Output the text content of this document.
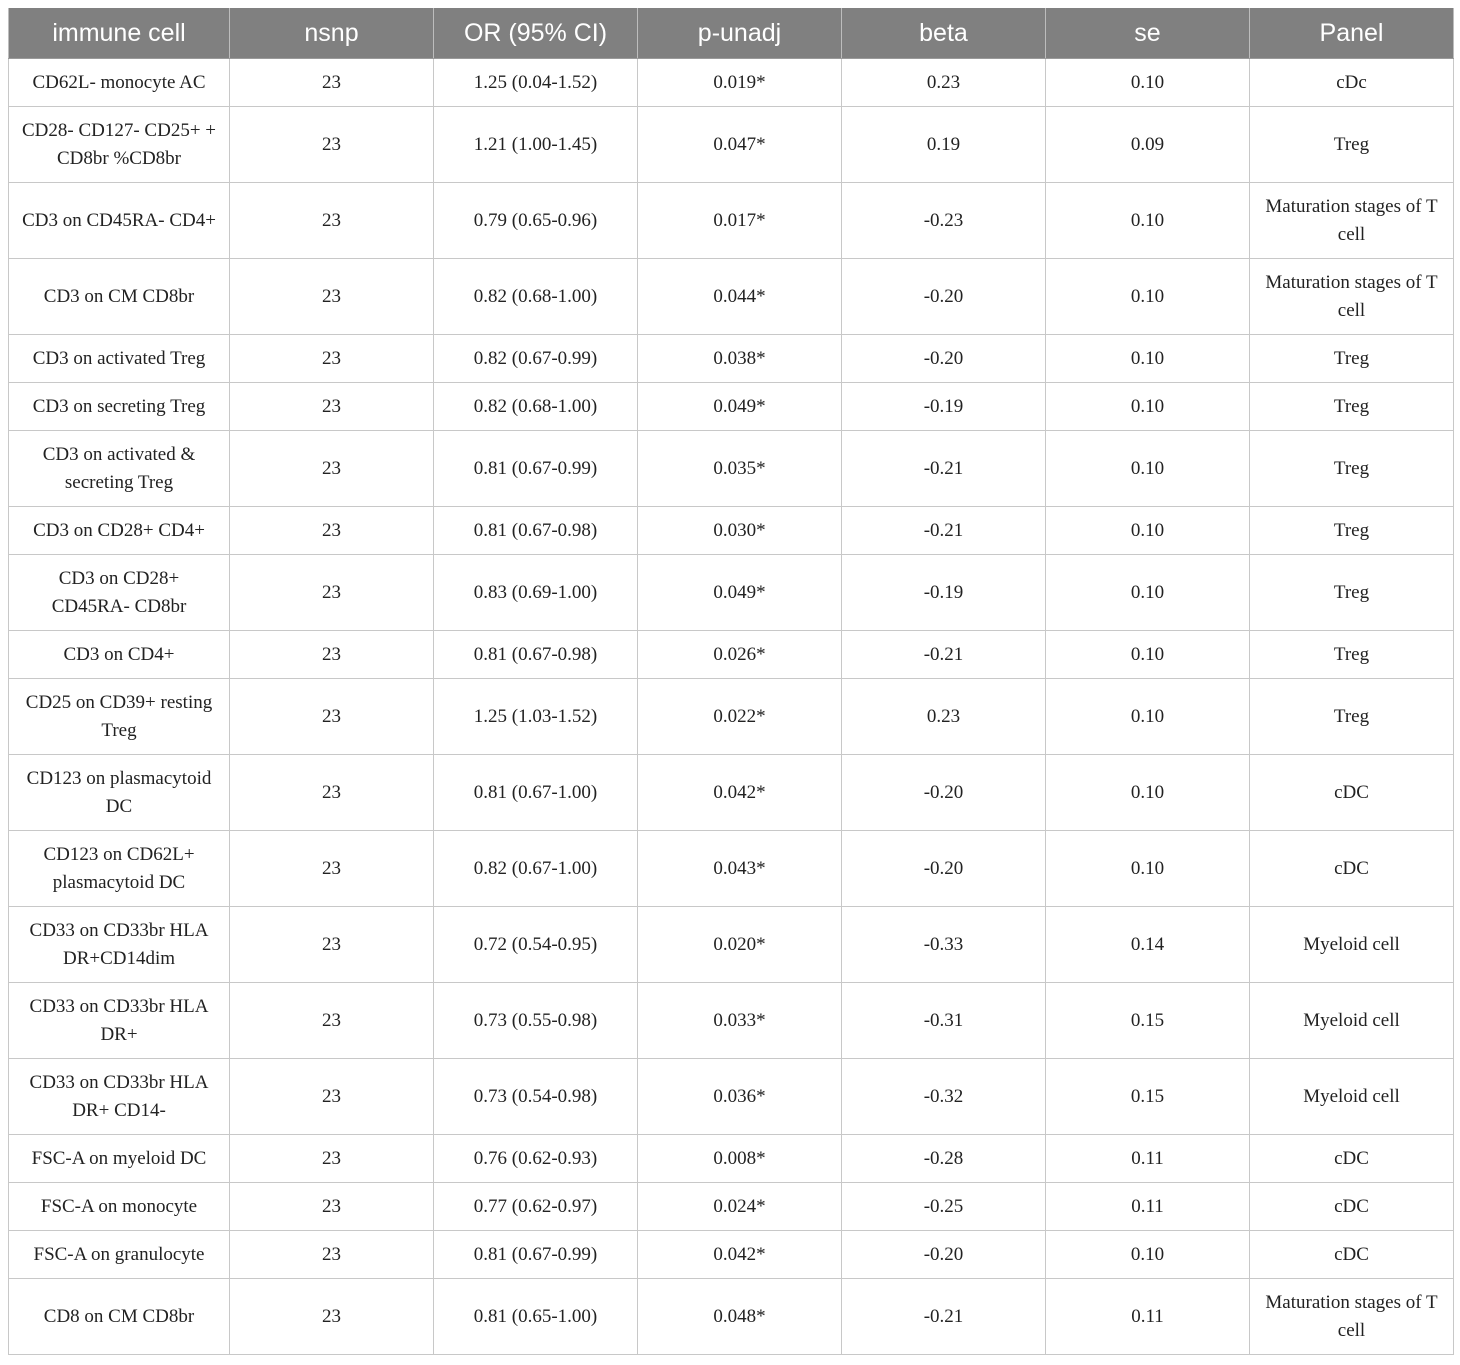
immune cell	nsnp	OR (95% CI)	p-unadj	beta	se	Panel
CD62L- monocyte AC	23	1.25 (0.04-1.52)	0.019*	0.23	0.10	cDc
CD28- CD127- CD25+ + CD8br %CD8br	23	1.21 (1.00-1.45)	0.047*	0.19	0.09	Treg
CD3 on CD45RA- CD4+	23	0.79 (0.65-0.96)	0.017*	-0.23	0.10	Maturation stages of T cell
CD3 on CM CD8br	23	0.82 (0.68-1.00)	0.044*	-0.20	0.10	Maturation stages of T cell
CD3 on activated Treg	23	0.82 (0.67-0.99)	0.038*	-0.20	0.10	Treg
CD3 on secreting Treg	23	0.82 (0.68-1.00)	0.049*	-0.19	0.10	Treg
CD3 on activated & secreting Treg	23	0.81 (0.67-0.99)	0.035*	-0.21	0.10	Treg
CD3 on CD28+ CD4+	23	0.81 (0.67-0.98)	0.030*	-0.21	0.10	Treg
CD3 on CD28+ CD45RA- CD8br	23	0.83 (0.69-1.00)	0.049*	-0.19	0.10	Treg
CD3 on CD4+	23	0.81 (0.67-0.98)	0.026*	-0.21	0.10	Treg
CD25 on CD39+ resting Treg	23	1.25 (1.03-1.52)	0.022*	0.23	0.10	Treg
CD123 on plasmacytoid DC	23	0.81 (0.67-1.00)	0.042*	-0.20	0.10	cDC
CD123 on CD62L+ plasmacytoid DC	23	0.82 (0.67-1.00)	0.043*	-0.20	0.10	cDC
CD33 on CD33br HLA DR+CD14dim	23	0.72 (0.54-0.95)	0.020*	-0.33	0.14	Myeloid cell
CD33 on CD33br HLA DR+	23	0.73 (0.55-0.98)	0.033*	-0.31	0.15	Myeloid cell
CD33 on CD33br HLA DR+ CD14-	23	0.73 (0.54-0.98)	0.036*	-0.32	0.15	Myeloid cell
FSC-A on myeloid DC	23	0.76 (0.62-0.93)	0.008*	-0.28	0.11	cDC
FSC-A on monocyte	23	0.77 (0.62-0.97)	0.024*	-0.25	0.11	cDC
FSC-A on granulocyte	23	0.81 (0.67-0.99)	0.042*	-0.20	0.10	cDC
CD8 on CM CD8br	23	0.81 (0.65-1.00)	0.048*	-0.21	0.11	Maturation stages of T cell
